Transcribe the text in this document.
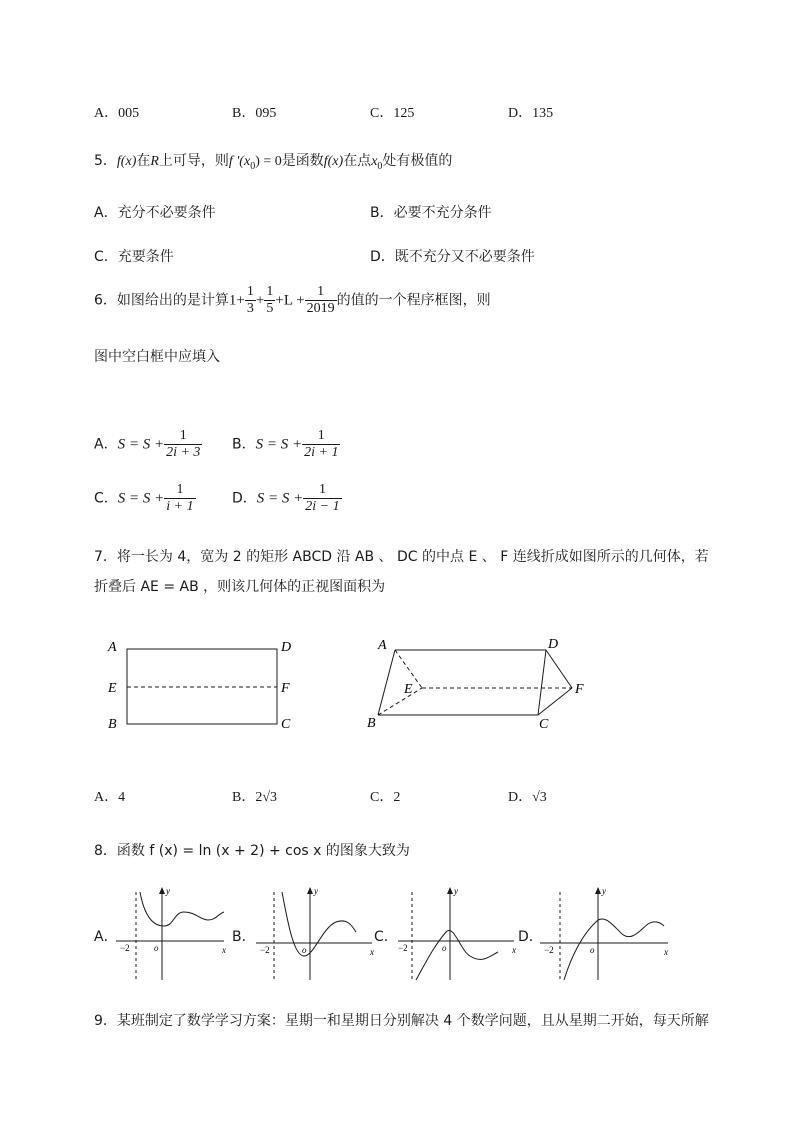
A．005	B．095	C．125	D．135
5．f(x)在R上可导，则f '$(x_0) = 0$是函数f(x)在点$x_0$处有极值的
A．充分不必要条件	B．必要不充分条件
C．充要条件	D．既不充分又不必要条件
6．如图给出的是计算$1+ \frac{1}{3} + \frac{1}{5} +L + \frac{1}{2019}$ 的值的一个程序框图，则
图中空白框中应填入
A．$S = S + \frac{1}{2i + 3}$ B．$S = S + \frac{1}{2i + 1}$
C．$S = S + \frac{1}{i + 1}$	D．$S = S + \frac{1}{2i - 1}$
7．将一长为 4，宽为 2 的矩形 ABCD 沿 AB 、 DC 的中点 E 、 F 连线折成如图所示的几何体，若
折叠后 AE = AB ，则该几何体的正视图面积为
A
E
B
D
F
C
A	D
E	F
B	C
A．4	B．2√3	C．2	D．√3
8．函数 f (x) = ln (x + 2) + cos x 的图象大致为
A．
y
x
o
−2
B．
y
x
o
−2
C．
y
x
o
−2
D．
y
x
o
−2
9．某班制定了数学学习方案：星期一和星期日分别解决 4 个数学问题，且从星期二开始，每天所解
